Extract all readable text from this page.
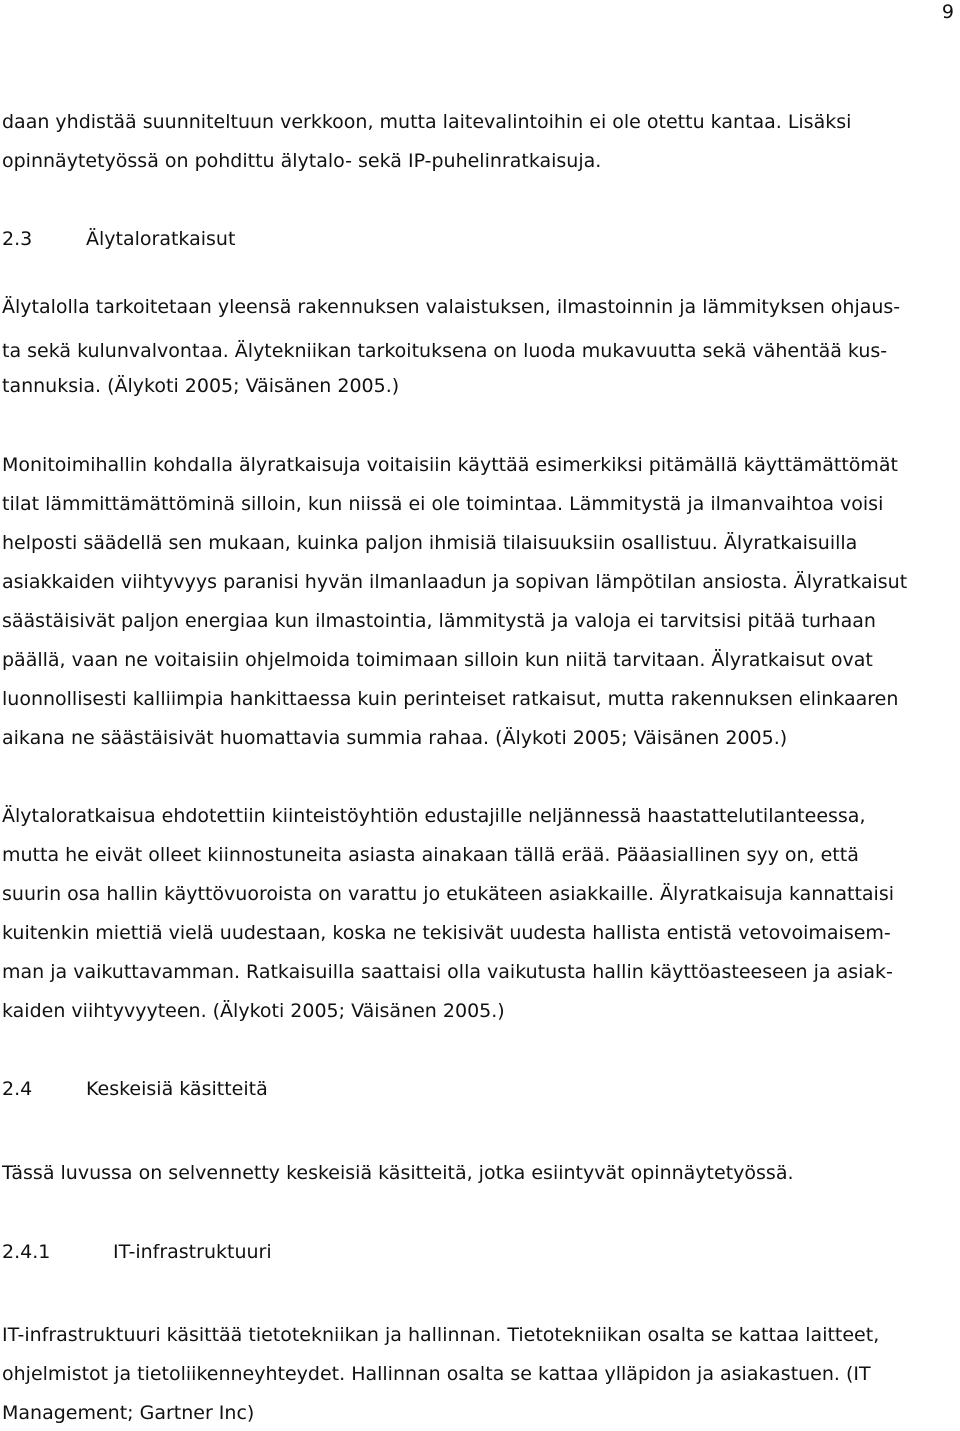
9
daan yhdistää suunniteltuun verkkoon, mutta laitevalintoihin ei ole otettu kantaa. Lisäksi
opinnäytetyössä on pohdittu älytalo- sekä IP-puhelinratkaisuja.
2.3	Älytaloratkaisut
Älytalolla tarkoitetaan yleensä rakennuksen valaistuksen, ilmastoinnin ja lämmityksen ohjaus-
ta sekä kulunvalvontaa. Älytekniikan tarkoituksena on luoda mukavuutta sekä vähentää kus-
tannuksia. (Älykoti 2005; Väisänen 2005.)
Monitoimihallin kohdalla älyratkaisuja voitaisiin käyttää esimerkiksi pitämällä käyttämättömät
tilat lämmittämättöminä silloin, kun niissä ei ole toimintaa. Lämmitystä ja ilmanvaihtoa voisi
helposti säädellä sen mukaan, kuinka paljon ihmisiä tilaisuuksiin osallistuu. Älyratkaisuilla
asiakkaiden viihtyvyys paranisi hyvän ilmanlaadun ja sopivan lämpötilan ansiosta. Älyratkaisut
säästäisivät paljon energiaa kun ilmastointia, lämmitystä ja valoja ei tarvitsisi pitää turhaan
päällä, vaan ne voitaisiin ohjelmoida toimimaan silloin kun niitä tarvitaan. Älyratkaisut ovat
luonnollisesti kalliimpia hankittaessa kuin perinteiset ratkaisut, mutta rakennuksen elinkaaren
aikana ne säästäisivät huomattavia summia rahaa. (Älykoti 2005; Väisänen 2005.)
Älytaloratkaisua ehdotettiin kiinteistöyhtiön edustajille neljännessä haastattelutilanteessa,
mutta he eivät olleet kiinnostuneita asiasta ainakaan tällä erää. Pääasiallinen syy on, että
suurin osa hallin käyttövuoroista on varattu jo etukäteen asiakkaille. Älyratkaisuja kannattaisi
kuitenkin miettiä vielä uudestaan, koska ne tekisivät uudesta hallista entistä vetovoimaisem-
man ja vaikuttavamman. Ratkaisuilla saattaisi olla vaikutusta hallin käyttöasteeseen ja asiak-
kaiden viihtyvyyteen. (Älykoti 2005; Väisänen 2005.)
2.4	Keskeisiä käsitteitä
Tässä luvussa on selvennetty keskeisiä käsitteitä, jotka esiintyvät opinnäytetyössä.
2.4.1	IT-infrastruktuuri
IT-infrastruktuuri käsittää tietotekniikan ja hallinnan. Tietotekniikan osalta se kattaa laitteet,
ohjelmistot ja tietoliikenneyhteydet. Hallinnan osalta se kattaa ylläpidon ja asiakastuen. (IT
Management; Gartner Inc)
